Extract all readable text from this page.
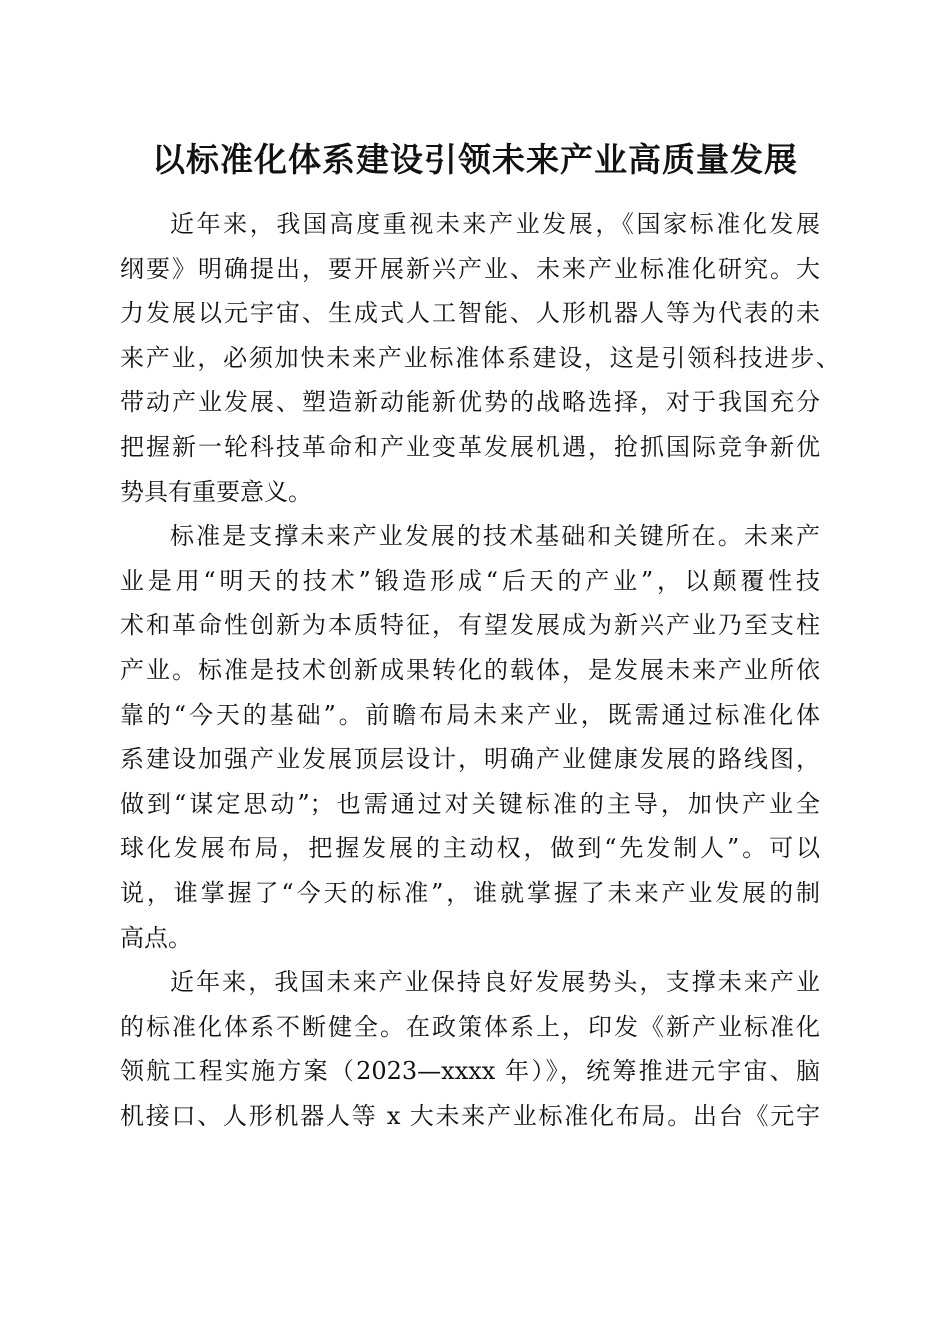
以标准化体系建设引领未来产业高质量发展
近年来，我国高度重视未来产业发展，《国家标准化发展
纲要》明确提出，要开展新兴产业、未来产业标准化研究。大
力发展以元宇宙、生成式人工智能、人形机器人等为代表的未
来产业，必须加快未来产业标准体系建设，这是引领科技进步、
带动产业发展、塑造新动能新优势的战略选择，对于我国充分
把握新一轮科技革命和产业变革发展机遇，抢抓国际竞争新优
势具有重要意义。
标准是支撑未来产业发展的技术基础和关键所在。未来产
业是用“明天的技术”锻造形成“后天的产业”，以颠覆性技
术和革命性创新为本质特征，有望发展成为新兴产业乃至支柱
产业。标准是技术创新成果转化的载体，是发展未来产业所依
靠的“今天的基础”。前瞻布局未来产业，既需通过标准化体
系建设加强产业发展顶层设计，明确产业健康发展的路线图，
做到“谋定思动”；也需通过对关键标准的主导，加快产业全
球化发展布局，把握发展的主动权，做到“先发制人”。可以
说，谁掌握了“今天的标准”，谁就掌握了未来产业发展的制
高点。
近年来，我国未来产业保持良好发展势头，支撑未来产业
的标准化体系不断健全。在政策体系上，印发《新产业标准化
领航工程实施方案（2023—xxxx 年）》，统筹推进元宇宙、脑
机接口、人形机器人等 x 大未来产业标准化布局。出台《元宇
